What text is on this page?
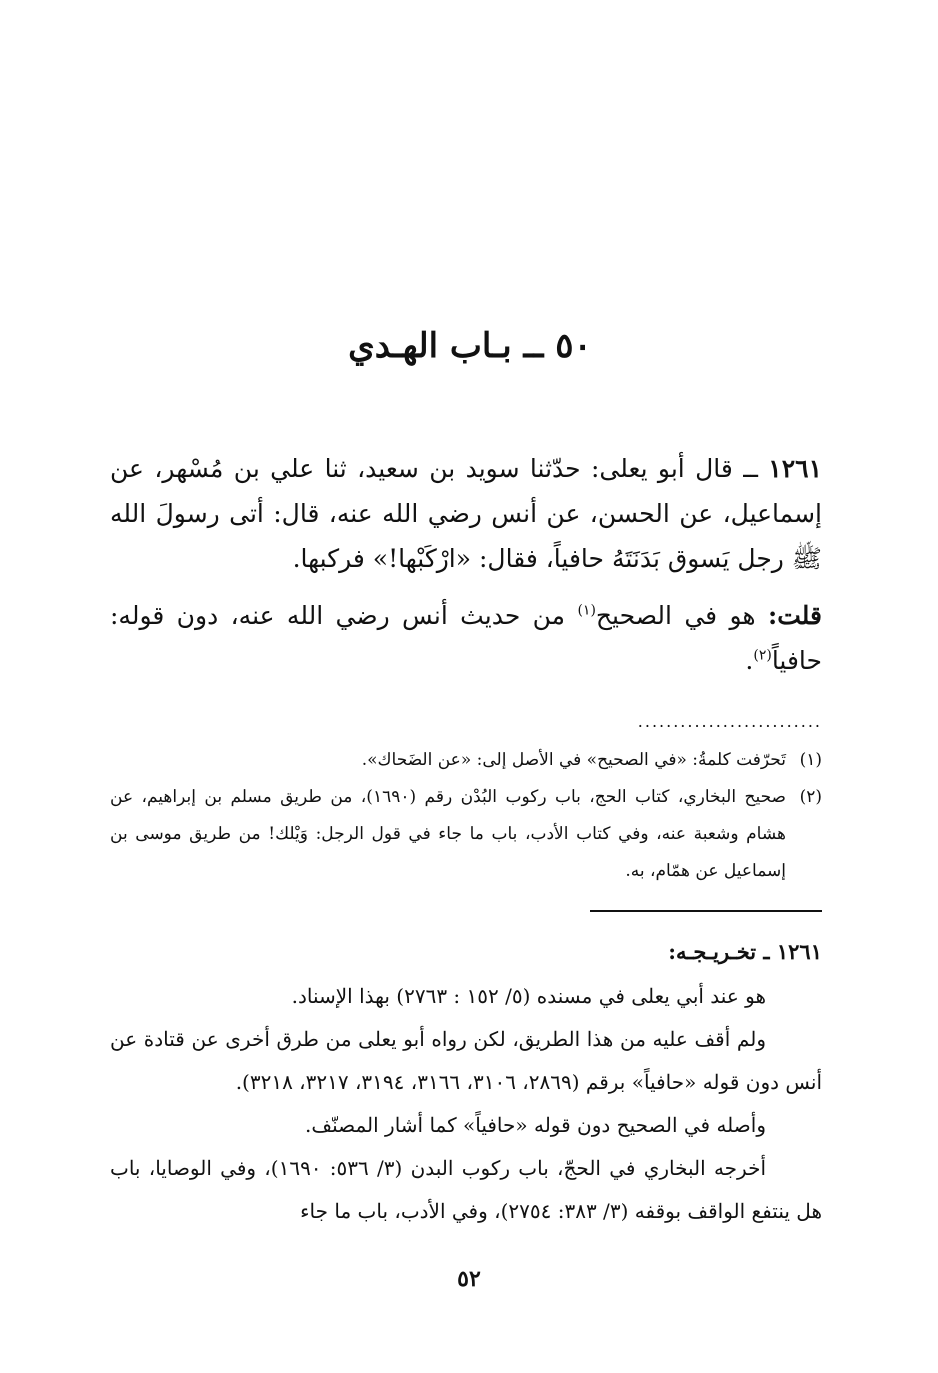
٥٠ ــ بـاب الهـدي

١٢٦١ ــ قال أبو يعلى: حدّثنا سويد بن سعيد، ثنا علي بن مُسْهر، عن إسماعيل، عن الحسن، عن أنس رضي الله عنه، قال: أتى رسولَ الله ﷺ رجل يَسوق بَدَنَتَهُ حافياً، فقال: «ارْكَبْها!» فركبها.

قلت: هو في الصحيح$^{(١)}$ من حديث أنس رضي الله عنه، دون قوله: حافياً$^{(٢)}$.

..........................
(١)
تَحرّفت كلمةُ: «في الصحيح» في الأصل إلى: «عن الضَحاك».
(٢)
صحيح البخاري، كتاب الحج، باب ركوب البُدْن رقم (١٦٩٠)، من طريق مسلم بن إبراهيم، عن هشام وشعبة عنه، وفي كتاب الأدب، باب ما جاء في قول الرجل: وَيْلك! من طريق موسى بن إسماعيل عن همّام، به.
١٢٦١ ـ تخـريـجـه:

هو عند أبي يعلى في مسنده (٥/ ١٥٢ : ٢٧٦٣) بهذا الإسناد.

ولم أقف عليه من هذا الطريق، لكن رواه أبو يعلى من طرق أخرى عن قتادة عن أنس دون قوله «حافياً» برقم (٢٨٦٩، ٣١٠٦، ٣١٦٦، ٣١٩٤، ٣٢١٧، ٣٢١٨).

وأصله في الصحيح دون قوله «حافياً» كما أشار المصنّف.

أخرجه البخاري في الحجّ، باب ركوب البدن (٣/ ٥٣٦: ١٦٩٠)، وفي الوصايا، باب هل ينتفع الواقف بوقفه (٣/ ٣٨٣: ٢٧٥٤)، وفي الأدب، باب ما جاء

٥٢
